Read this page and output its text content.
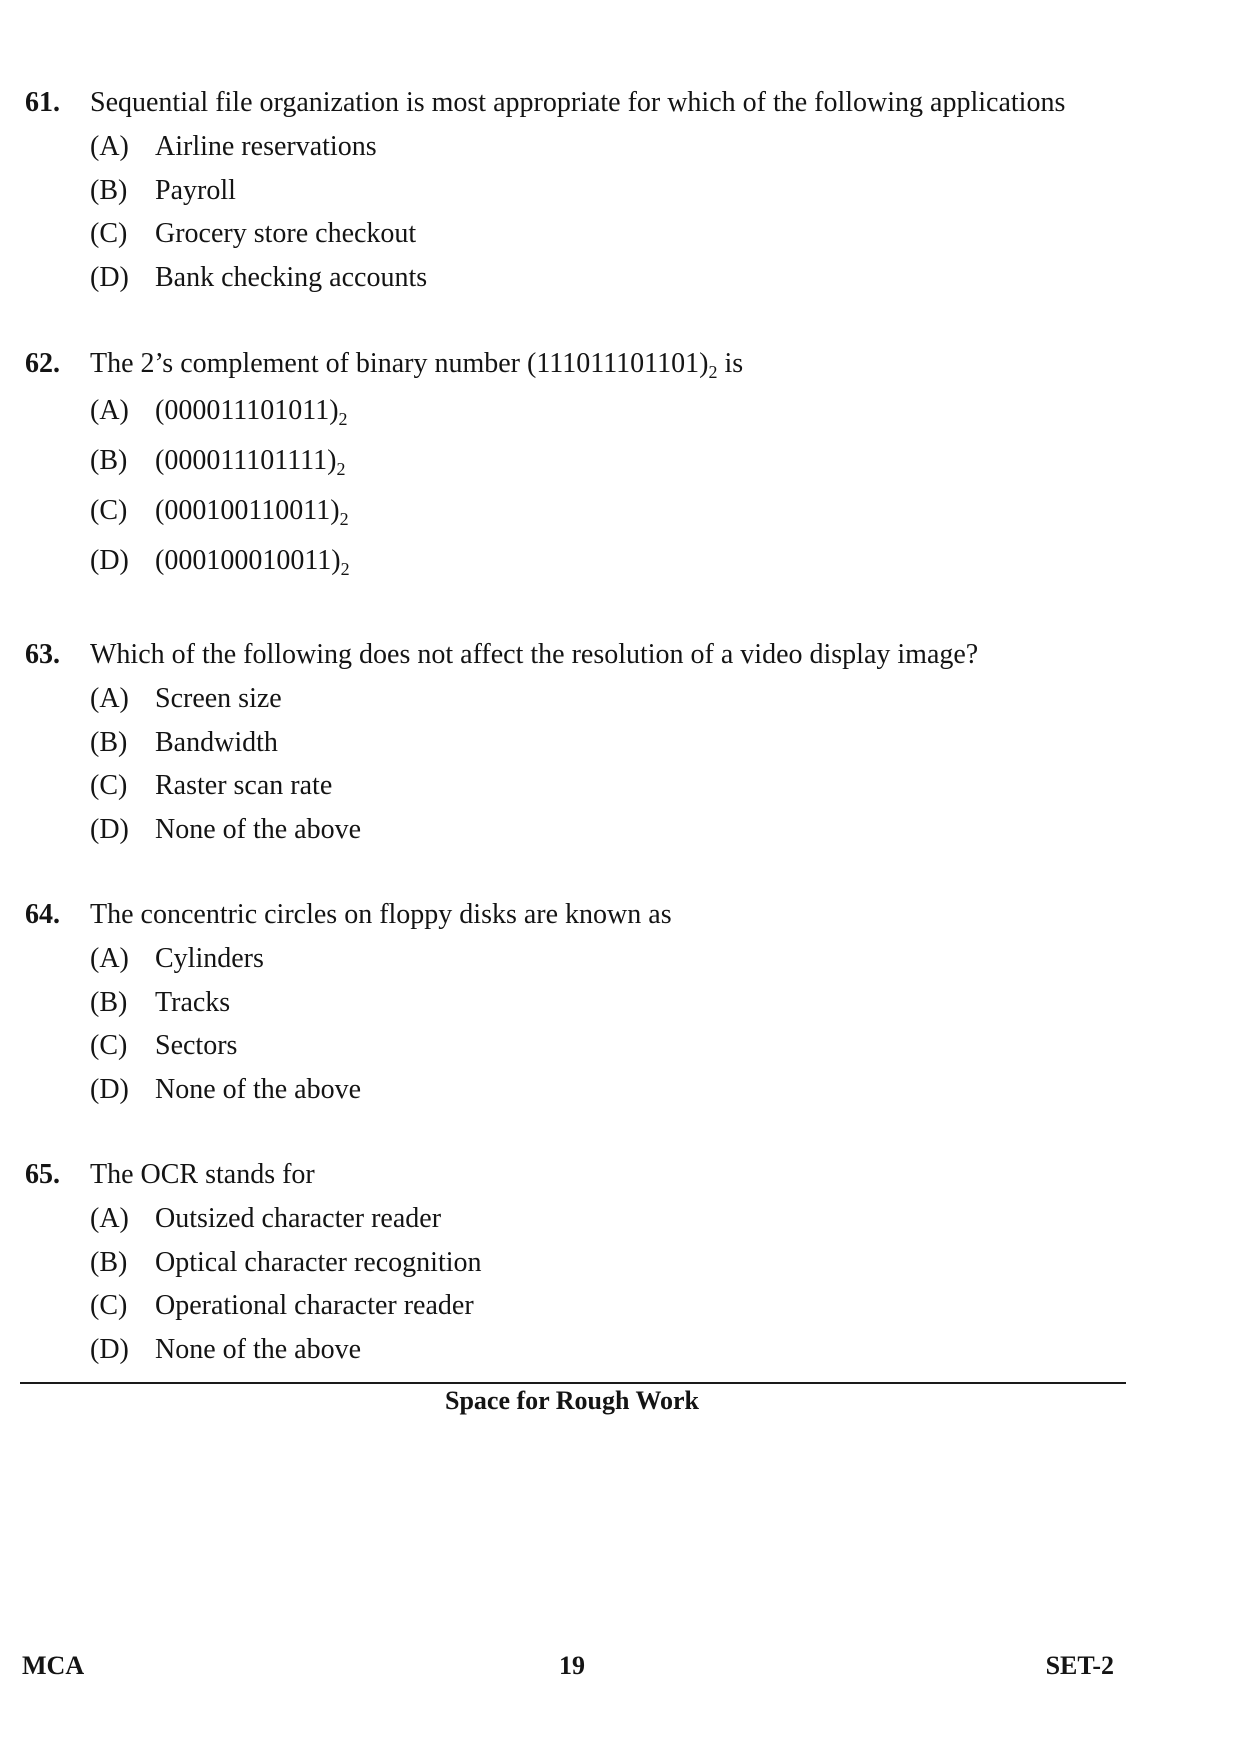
61. Sequential file organization is most appropriate for which of the following applications
(A) Airline reservations
(B) Payroll
(C) Grocery store checkout
(D) Bank checking accounts
62. The 2’s complement of binary number $(111011101101)_2$ is
(A) $(000011101011)_2$
(B) $(000011101111)_2$
(C) $(000100110011)_2$
(D) $(000100010011)_2$
63. Which of the following does not affect the resolution of a video display image?
(A) Screen size
(B) Bandwidth
(C) Raster scan rate
(D) None of the above
64. The concentric circles on floppy disks are known as
(A) Cylinders
(B) Tracks
(C) Sectors
(D) None of the above
65. The OCR stands for
(A) Outsized character reader
(B) Optical character recognition
(C) Operational character reader
(D) None of the above
Space for Rough Work
MCA	19	SET-2
